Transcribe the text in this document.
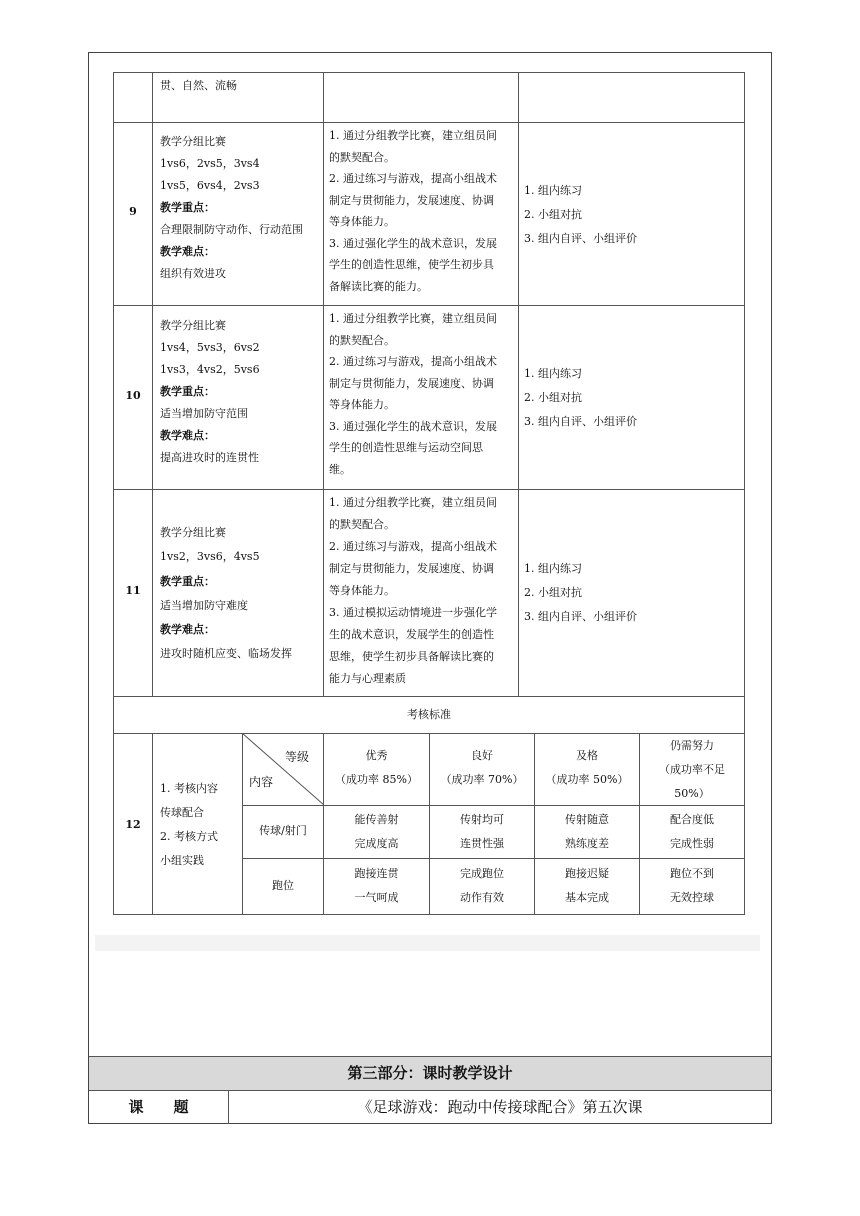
贯、自然、流畅
9
教学分组比赛
1vs6，2vs5，3vs4
1vs5，6vs4，2vs3
教学重点：
合理限制防守动作、行动范围
教学难点：
组织有效进攻
1. 通过分组教学比赛，建立组员间
的默契配合。
2. 通过练习与游戏，提高小组战术
制定与贯彻能力，发展速度、协调
等身体能力。
3. 通过强化学生的战术意识，发展
学生的创造性思维，使学生初步具
备解读比赛的能力。
1. 组内练习
2. 小组对抗
3. 组内自评、小组评价
10
教学分组比赛
1vs4，5vs3，6vs2
1vs3，4vs2，5vs6
教学重点：
适当增加防守范围
教学难点：
提高进攻时的连贯性
1. 通过分组教学比赛，建立组员间
的默契配合。
2. 通过练习与游戏，提高小组战术
制定与贯彻能力，发展速度、协调
等身体能力。
3. 通过强化学生的战术意识，发展
学生的创造性思维与运动空间思
维。
1. 组内练习
2. 小组对抗
3. 组内自评、小组评价
11
教学分组比赛
1vs2，3vs6，4vs5
教学重点：
适当增加防守难度
教学难点：
进攻时随机应变、临场发挥
1. 通过分组教学比赛，建立组员间
的默契配合。
2. 通过练习与游戏，提高小组战术
制定与贯彻能力，发展速度、协调
等身体能力。
3. 通过模拟运动情境进一步强化学
生的战术意识，发展学生的创造性
思维，使学生初步具备解读比赛的
能力与心理素质
1. 组内练习
2. 小组对抗
3. 组内自评、小组评价
考核标准
12
1. 考核内容
传球配合
2. 考核方式
小组实践
等级
内容
优秀
（成功率 85%）
良好
（成功率 70%）
及格
（成功率 50%）
仍需努力
（成功率不足
50%）
传球/射门
能传善射
完成度高
传射均可
连贯性强
传射随意
熟练度差
配合度低
完成性弱
跑位
跑接连贯
一气呵成
完成跑位
动作有效
跑接迟疑
基本完成
跑位不到
无效控球
第三部分：课时教学设计
课　　题	《足球游戏：跑动中传接球配合》第五次课
